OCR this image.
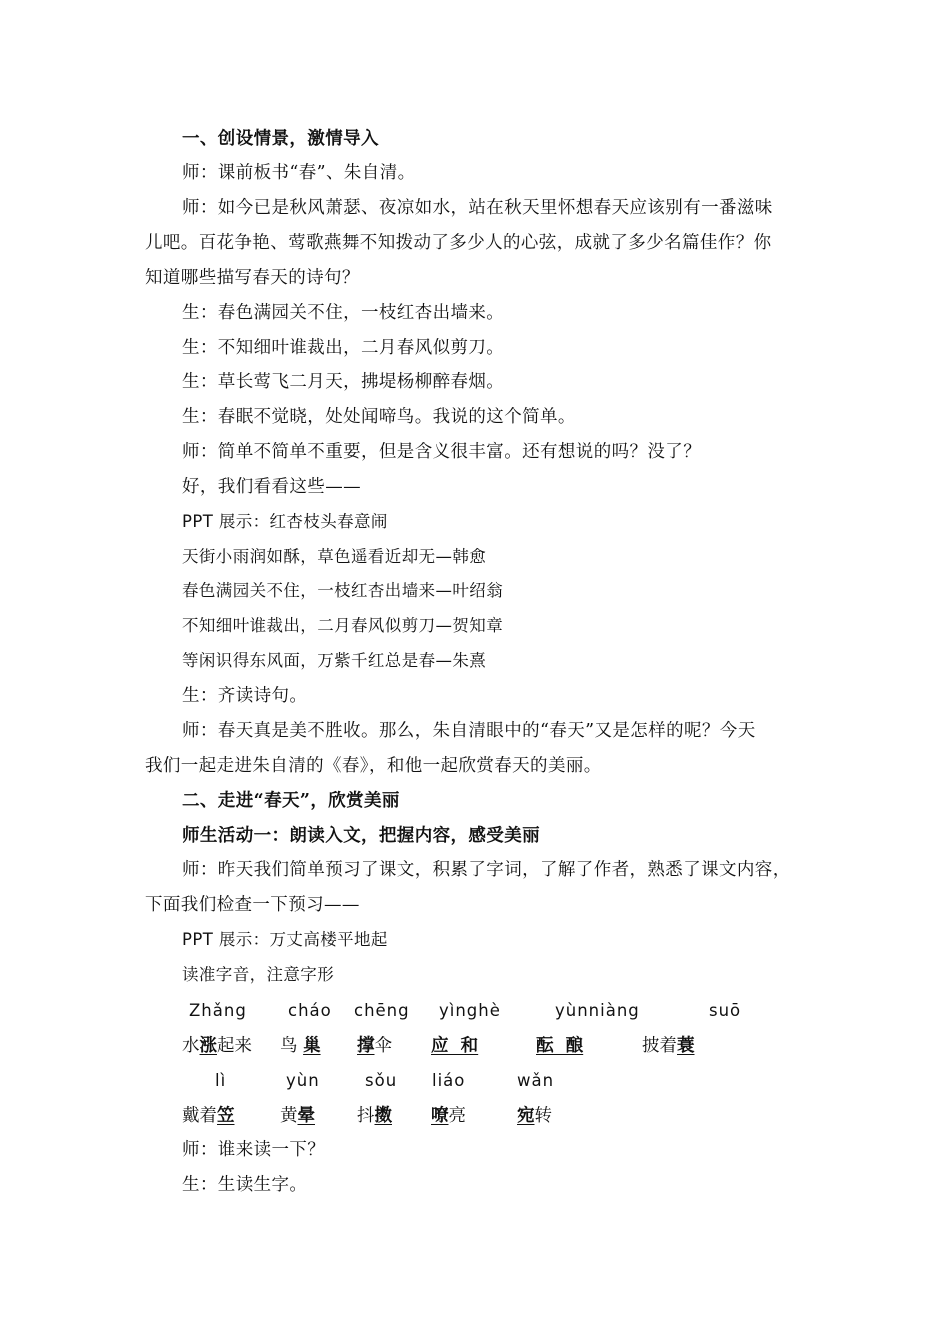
一、创设情景，激情导入
师：课前板书“春”、朱自清。
师：如今已是秋风萧瑟、夜凉如水，站在秋天里怀想春天应该别有一番滋味
儿吧。百花争艳、莺歌燕舞不知拨动了多少人的心弦，成就了多少名篇佳作？你
知道哪些描写春天的诗句？
生：春色满园关不住，一枝红杏出墙来。
生：不知细叶谁裁出，二月春风似剪刀。
生：草长莺飞二月天，拂堤杨柳醉春烟。
生：春眠不觉晓，处处闻啼鸟。我说的这个简单。
师：简单不简单不重要，但是含义很丰富。还有想说的吗？没了？
好，我们看看这些——
PPT 展示：红杏枝头春意闹
天街小雨润如酥，草色遥看近却无—韩愈
春色满园关不住，一枝红杏出墙来—叶绍翁
不知细叶谁裁出，二月春风似剪刀—贺知章
等闲识得东风面，万紫千红总是春—朱熹
生：齐读诗句。
师：春天真是美不胜收。那么，朱自清眼中的“春天”又是怎样的呢？今天
我们一起走进朱自清的《春》，和他一起欣赏春天的美丽。
二、走进“春天”，欣赏美丽
师生活动一：朗读入文，把握内容，感受美丽
师：昨天我们简单预习了课文，积累了字词，了解了作者，熟悉了课文内容，
下面我们检查一下预习——
PPT 展示：万丈高楼平地起
读准字音，注意字形
Zhǎng cháo chēng yìnghè	yùnniàng	suō
水涨起来 鸟 巢 撑伞 应  和	酝  酿	披着蓑
lì	yùn	sǒu liáo	wǎn
戴着笠	黄晕 抖擞 嘹亮	宛转
师：谁来读一下？
生：生读生字。
